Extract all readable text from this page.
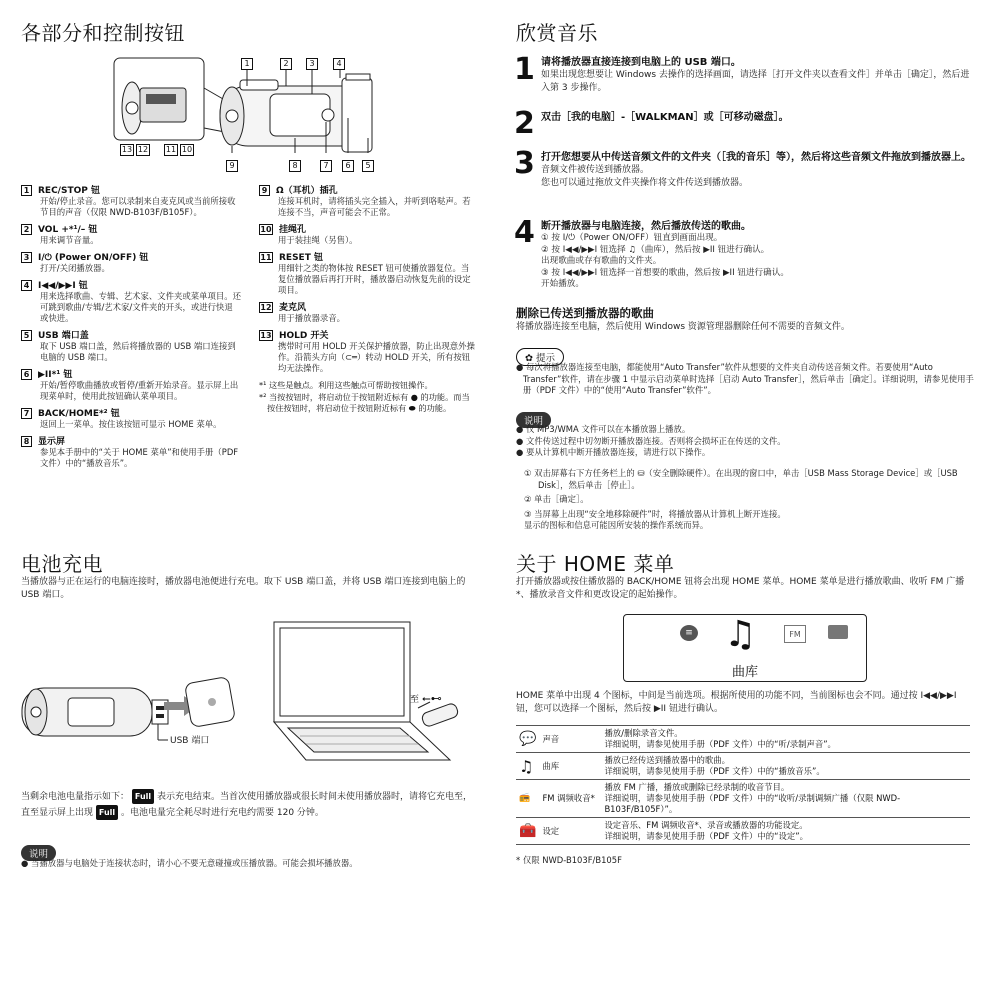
各部分和控制按钮
1	2	3	4
13 12 11 10
9	8	7	6	5
1 REC/STOP 钮
开始/停止录音。您可以录制来自麦克风或当前所接收节目的声音（仅限 NWD-B103F/B105F）。
2 VOL +*¹/– 钮
用来调节音量。
3 I/⏻ (Power ON/OFF) 钮
打开/关闭播放器。
4 I◀◀/▶▶I 钮
用来选择歌曲、专辑、艺术家、文件夹或菜单项目。还可跳到歌曲/专辑/艺术家/文件夹的开头，或进行快退或快进。
5 USB 端口盖
取下 USB 端口盖，然后将播放器的 USB 端口连接到电脑的 USB 端口。
6 ▶II*¹ 钮
开始/暂停歌曲播放或暂停/重新开始录音。显示屏上出现菜单时，使用此按钮确认菜单项目。
7 BACK/HOME*² 钮
返回上一菜单。按住该按钮可显示 HOME 菜单。
8 显示屏
参见本手册中的“关于 HOME 菜单”和使用手册（PDF 文件）中的“播放音乐”。
9 Ω（耳机）插孔
连接耳机时，请将插头完全插入，并听到咯哒声。若连接不当，声音可能会不正常。
10 挂绳孔
用于装挂绳（另售）。
11 RESET 钮
用细针之类的物体按 RESET 钮可使播放器复位。当复位播放器后再打开时，播放器启动恢复先前的设定项目。
12 麦克风
用于播放器录音。
13 HOLD 开关
携带时可用 HOLD 开关保护播放器，防止出现意外操作。沿箭头方向（⊂═）转动 HOLD 开关，所有按钮均无法操作。
*¹ 这些是触点。利用这些触点可帮助按钮操作。
*² 当按按钮时，将启动位于按钮附近标有 ● 的功能。而当按住按钮时，将启动位于按钮附近标有 ⬬ 的功能。
电池充电
当播放器与正在运行的电脑连接时，播放器电池便进行充电。取下 USB 端口盖，并将 USB 端口连接到电脑上的 USB 端口。
USB 端口
至 ⭠⊷
当剩余电池电量指示如下： Full 表示充电结束。当首次使用播放器或很长时间未使用播放器时，请将它充电至，直至显示屏上出现 Full 。电池电量完全耗尽时进行充电约需要 120 分钟。
说明
● 当播放器与电脑处于连接状态时，请小心不要无意碰撞或压播放器。可能会损坏播放器。
欣赏音乐
1 请将播放器直接连接到电脑上的 USB 端口。
如果出现您想要让 Windows 去操作的选择画面，请选择［打开文件夹以查看文件］并单击［确定］，然后进入第 3 步操作。
2 双击［我的电脑］-［WALKMAN］或［可移动磁盘］。
3 打开您想要从中传送音频文件的文件夹（［我的音乐］等），然后将这些音频文件拖放到播放器上。
音频文件被传送到播放器。
您也可以通过拖放文件夹操作将文件传送到播放器。
4 断开播放器与电脑连接，然后播放传送的歌曲。
① 按 I/⏻（Power ON/OFF）钮直到画面出现。
② 按 I◀◀/▶▶I 钮选择 ♫（曲库），然后按 ▶II 钮进行确认。
出现歌曲或存有歌曲的文件夹。
③ 按 I◀◀/▶▶I 钮选择一首想要的歌曲，然后按 ▶II 钮进行确认。
开始播放。
删除已传送到播放器的歌曲
将播放器连接至电脑，然后使用 Windows 资源管理器删除任何不需要的音频文件。
✿ 提示
● 每次将播放器连接至电脑，都能使用“Auto Transfer”软件从想要的文件夹自动传送音频文件。若要使用“Auto Transfer”软件，请在步骤 1 中显示启动菜单时选择［启动 Auto Transfer］，然后单击［确定］。详细说明，请参见使用手册（PDF 文件）中的“使用“Auto Transfer”软件”。
说明
● 仅 MP3/WMA 文件可以在本播放器上播放。
● 文件传送过程中切勿断开播放器连接。否则将会损坏正在传送的文件。
● 要从计算机中断开播放器连接，请进行以下操作。
① 双击屏幕右下方任务栏上的 ⛁（安全删除硬件）。在出现的窗口中，单击［USB Mass Storage Device］或［USB Disk］，然后单击［停止］。
② 单击［确定］。
③ 当屏幕上出现“安全地移除硬件”时，将播放器从计算机上断开连接。
显示的图标和信息可能因所安装的操作系统而异。
关于 HOME 菜单
打开播放器或按住播放器的 BACK/HOME 钮将会出现 HOME 菜单。HOME 菜单是进行播放歌曲、收听 FM 广播*、播放录音文件和更改设定的起始操作。
≡ ♫	FM
曲库
HOME 菜单中出现 4 个图标，中间是当前选项。根据所使用的功能不同，当前图标也会不同。通过按 I◀◀/▶▶I 钮，您可以选择一个图标，然后按 ▶II 钮进行确认。
💬	声音	播放/删除录音文件。
详细说明，请参见使用手册（PDF 文件）中的“听/录制声音”。

♫	曲库	播放已经传送到播放器中的歌曲。
详细说明，请参见使用手册（PDF 文件）中的“播放音乐”。

📻	FM 调频收音*	播放 FM 广播，播放或删除已经录制的收音节目。
详细说明，请参见使用手册（PDF 文件）中的“收听/录制调频广播（仅限 NWD-B103F/B105F）”。

🧰	设定	设定音乐、FM 调频收音*、录音或播放器的功能设定。
详细说明，请参见使用手册（PDF 文件）中的“设定”。
* 仅限 NWD-B103F/B105F
